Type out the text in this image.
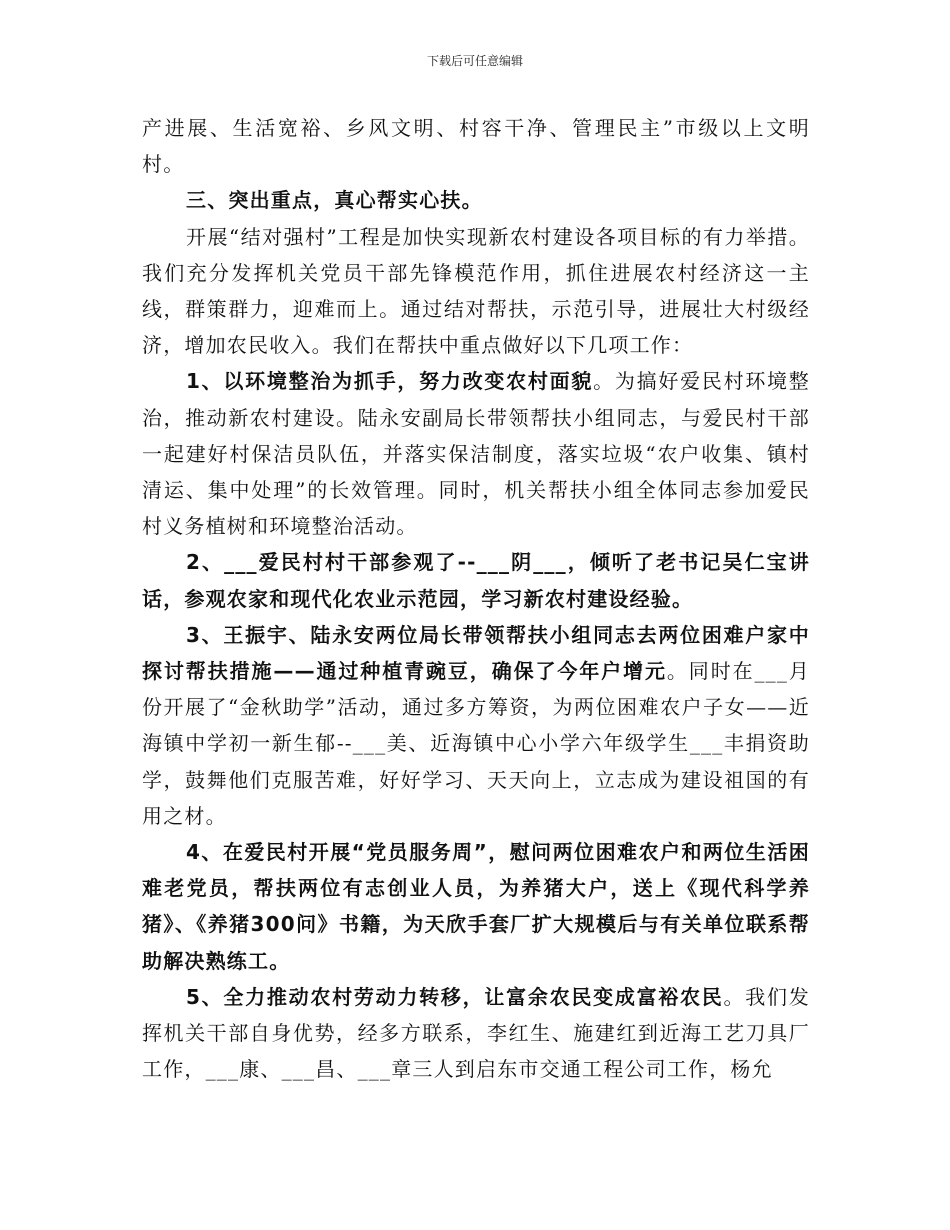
下载后可任意编辑

产进展、生活宽裕、乡风文明、村容干净、管理民主”市级以上文明村。

三、突出重点，真心帮实心扶。

开展“结对强村”工程是加快实现新农村建设各项目标的有力举措。我们充分发挥机关党员干部先锋模范作用，抓住进展农村经济这一主线，群策群力，迎难而上。通过结对帮扶，示范引导，进展壮大村级经济，增加农民收入。我们在帮扶中重点做好以下几项工作：

1、以环境整治为抓手，努力改变农村面貌。为搞好爱民村环境整治，推动新农村建设。陆永安副局长带领帮扶小组同志，与爱民村干部一起建好村保洁员队伍，并落实保洁制度，落实垃圾“农户收集、镇村清运、集中处理”的长效管理。同时，机关帮扶小组全体同志参加爱民村义务植树和环境整治活动。

2、___爱民村村干部参观了--___阴___，倾听了老书记吴仁宝讲话，参观农家和现代化农业示范园，学习新农村建设经验。

3、王振宇、陆永安两位局长带领帮扶小组同志去两位困难户家中探讨帮扶措施——通过种植青豌豆，确保了今年户增元。同时在___月份开展了“金秋助学”活动，通过多方筹资，为两位困难农户子女——近海镇中学初一新生郁--___美、近海镇中心小学六年级学生___丰捐资助学，鼓舞他们克服苦难，好好学习、天天向上，立志成为建设祖国的有用之材。

4、在爱民村开展“党员服务周”，慰问两位困难农户和两位生活困难老党员，帮扶两位有志创业人员，为养猪大户，送上《现代科学养猪》、《养猪300问》书籍，为天欣手套厂扩大规模后与有关单位联系帮助解决熟练工。

5、全力推动农村劳动力转移，让富余农民变成富裕农民。我们发挥机关干部自身优势，经多方联系，李红生、施建红到近海工艺刀具厂工作，___康、___昌、___章三人到启东市交通工程公司工作，杨允
